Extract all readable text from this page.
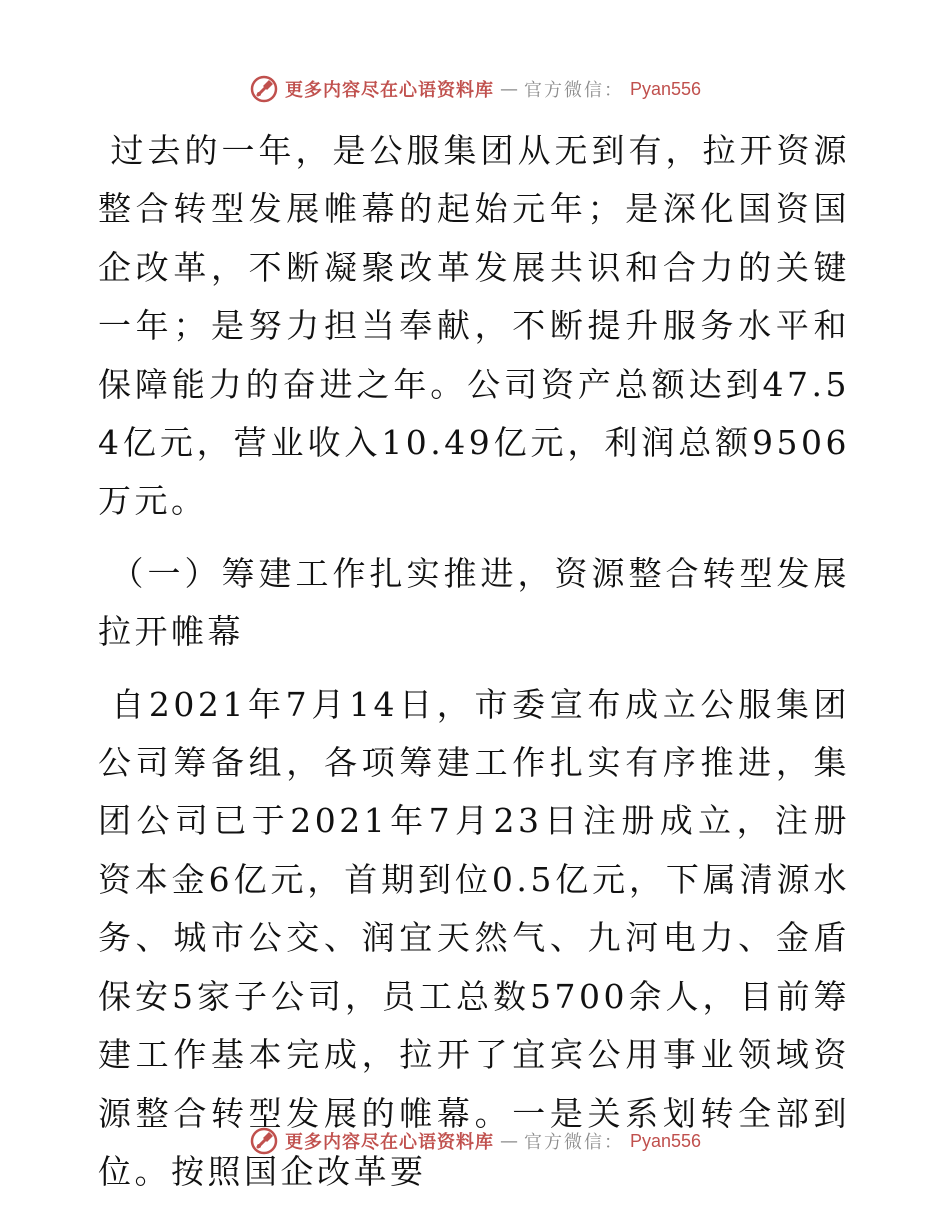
更多内容尽在心语资料库 — 官方微信： Pyan556

过去的一年，是公服集团从无到有，拉开资源整合转型发展帷幕的起始元年；是深化国资国企改革，不断凝聚改革发展共识和合力的关键一年；是努力担当奉献，不断提升服务水平和保障能力的奋进之年。公司资产总额达到47.54亿元，营业收入10.49亿元，利润总额9506万元。

（一）筹建工作扎实推进，资源整合转型发展拉开帷幕

自2021年7月14日，市委宣布成立公服集团公司筹备组，各项筹建工作扎实有序推进，集团公司已于2021年7月23日注册成立，注册资本金6亿元，首期到位0.5亿元，下属清源水务、城市公交、润宜天然气、九河电力、金盾保安5家子公司，员工总数5700余人，目前筹建工作基本完成，拉开了宜宾公用事业领域资源整合转型发展的帷幕。一是关系划转全部到位。按照国企改革要

更多内容尽在心语资料库 — 官方微信： Pyan556
